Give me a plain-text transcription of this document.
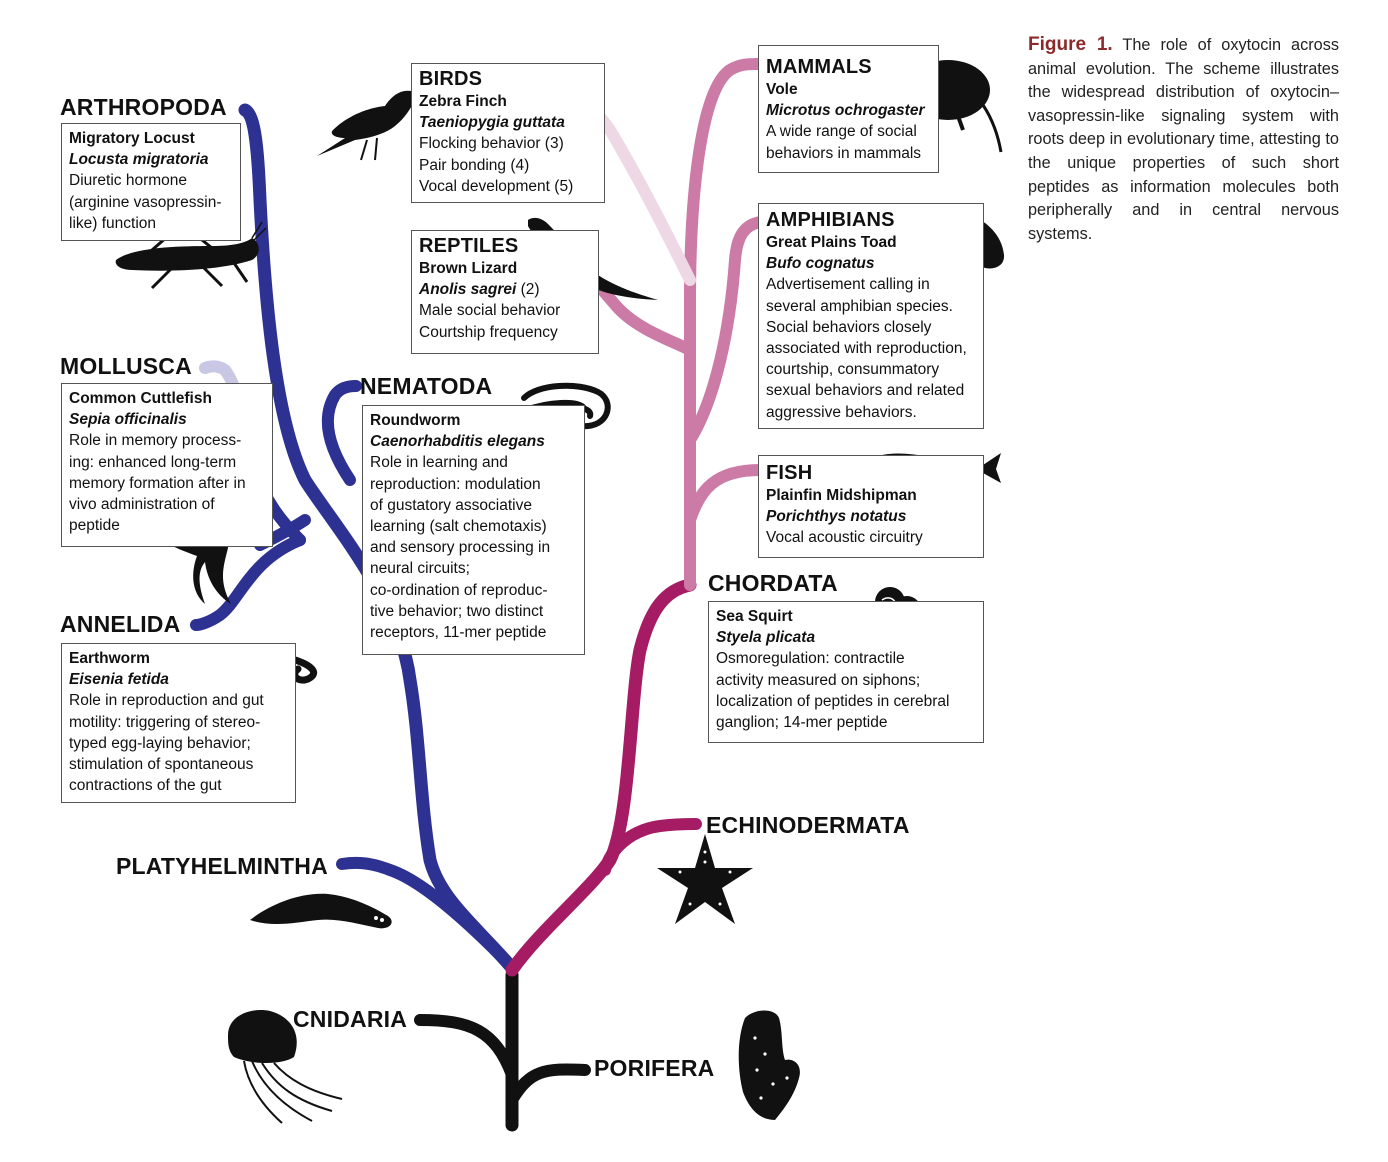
ARTHROPODA
MOLLUSCA
ANNELIDA
NEMATODA
CHORDATA
ECHINODERMATA
PLATYHELMINTHA
CNIDARIA
PORIFERA
Migratory Locust
Locusta migratoria
Diuretic hormone
(arginine vasopressin-
like) function
Common Cuttlefish
Sepia officinalis
Role in memory process-
ing: enhanced long-term
memory formation after in
vivo administration of
peptide
Earthworm
Eisenia fetida
Role in reproduction and gut
motility: triggering of stereo-
typed egg-laying behavior;
stimulation of spontaneous
contractions of the gut
Roundworm
Caenorhabditis elegans
Role in learning and
reproduction: modulation
of gustatory associative
learning (salt chemotaxis)
and sensory processing in
neural circuits;
co-ordination of reproduc-
tive behavior; two distinct
receptors, 11-mer peptide
BIRDS
Zebra Finch
Taeniopygia guttata
Flocking behavior (3)
Pair bonding (4)
Vocal development (5)
REPTILES
Brown Lizard
Anolis sagrei (2)
Male social behavior
Courtship frequency
MAMMALS
Vole
Microtus ochrogaster
A wide range of social
behaviors in mammals
AMPHIBIANS
Great Plains Toad
Bufo cognatus
Advertisement calling in
several amphibian species.
Social behaviors closely
associated with reproduction,
courtship, consummatory
sexual behaviors and related
aggressive behaviors.
FISH
Plainfin Midshipman
Porichthys notatus
Vocal acoustic circuitry
Sea Squirt
Styela plicata
Osmoregulation: contractile
activity measured on siphons;
localization of peptides in cerebral
ganglion; 14-mer peptide
Figure 1. The role of oxytocin across animal evolution. The scheme illustrates the widespread distribution of oxytocin–vasopressin-like signaling system with roots deep in evolutionary time, attesting to the unique properties of such short peptides as information molecules both peripherally and in central nervous systems.
